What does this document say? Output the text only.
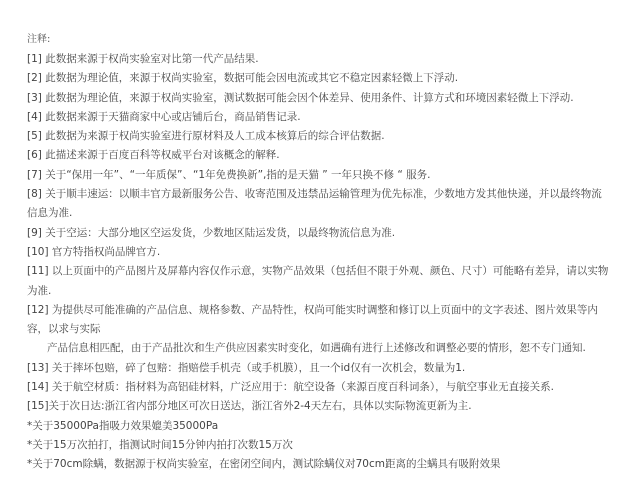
注释:
[1] 此数据来源于权尚实验室对比第一代产品结果.
[2] 此数据为理论值，来源于权尚实验室，数据可能会因电流或其它不稳定因素轻微上下浮动.
[3] 此数据为理论值，来源于权尚实验室，测试数据可能会因个体差异、使用条件、计算方式和环境因素轻微上下浮动.
[4] 此数据来源于天猫商家中心或店铺后台，商品销售记录.
[5] 此数据为来源于权尚实验室进行原材料及人工成本核算后的综合评估数据.
[6] 此描述来源于百度百科等权威平台对该概念的解释.
[7] 关于“保用一年”、“一年质保”、“1年免费换新”,指的是天猫 ” 一年只换不修 “ 服务.
[8] 关于顺丰速运：以顺丰官方最新服务公告、收寄范围及违禁品运输管理为优先标准，少数地方发其他快递，并以最终物流信息为准.
[9] 关于空运：大部分地区空运发货，少数地区陆运发货，以最终物流信息为准.
[10] 官方特指权尚品牌官方.
[11] 以上页面中的产品图片及屏幕内容仅作示意，实物产品效果（包括但不限于外观、颜色、尺寸）可能略有差异，请以实物为准.
[12] 为提供尽可能准确的产品信息、规格参数、产品特性，权尚可能实时调整和修订以上页面中的文字表述、图片效果等内容，以求与实际
产品信息相匹配，由于产品批次和生产供应因素实时变化，如遇确有进行上述修改和调整必要的情形，恕不专门通知.
[13] 关于摔坏包赔，碎了包赔：指赔偿手机壳（或手机膜），且一个id仅有一次机会，数量为1.
[14] 关于航空材质：指材料为高铝硅材料，广泛应用于：航空设备（来源百度百科词条），与航空事业无直接关系.
[15]关于次日达:浙江省内部分地区可次日送达，浙江省外2-4天左右，具体以实际物流更新为主.
*关于35000Pa指吸力效果媲美35000Pa
*关于15万次拍打，指测试时间15分钟内拍打次数15万次
*关于70cm除螨，数据源于权尚实验室，在密闭空间内，测试除螨仪对70cm距离的尘螨具有吸附效果
